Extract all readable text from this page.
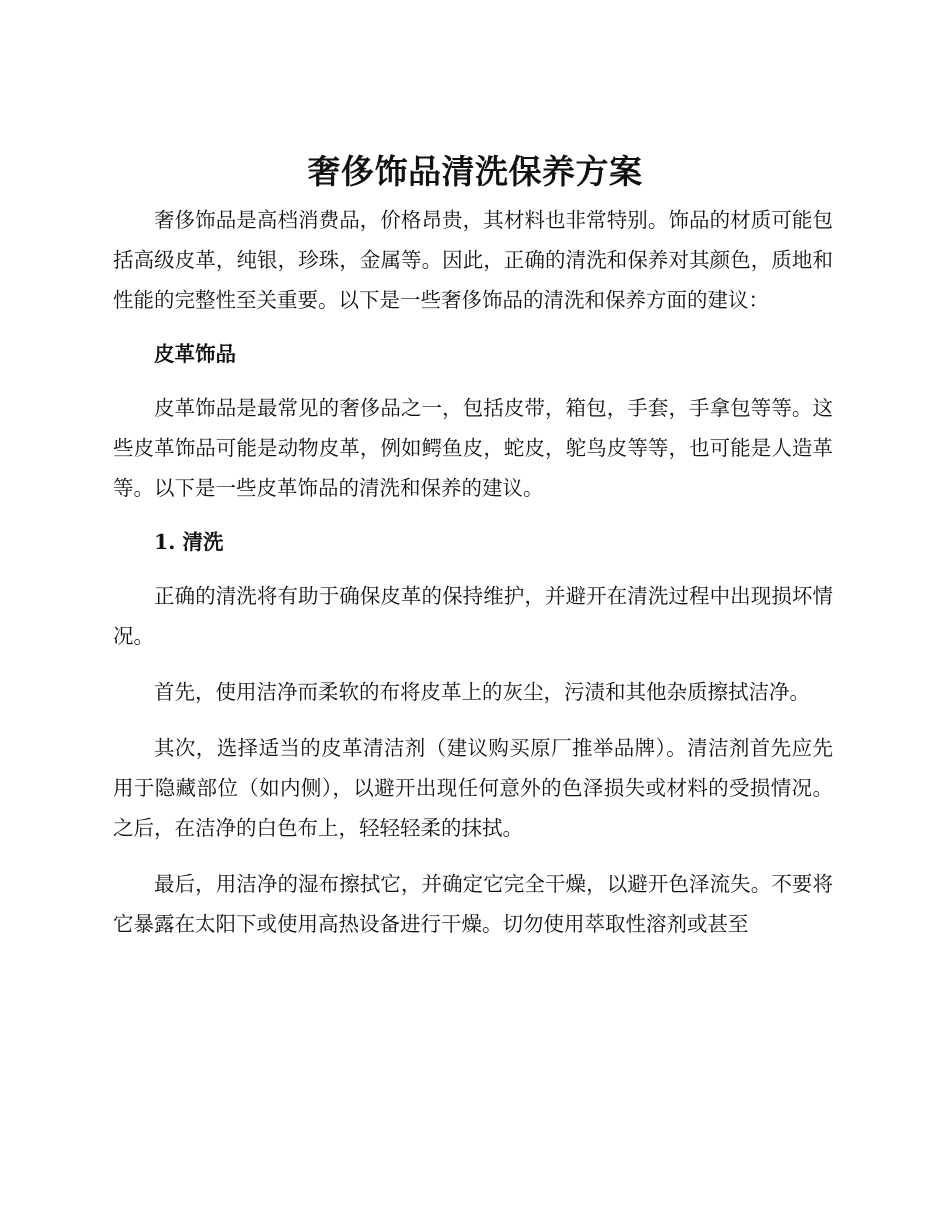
奢侈饰品清洗保养方案

奢侈饰品是高档消费品，价格昂贵，其材料也非常特别。饰品的材质可能包括高级皮革，纯银，珍珠，金属等。因此，正确的清洗和保养对其颜色，质地和性能的完整性至关重要。以下是一些奢侈饰品的清洗和保养方面的建议：

皮革饰品

皮革饰品是最常见的奢侈品之一，包括皮带，箱包，手套，手拿包等等。这些皮革饰品可能是动物皮革，例如鳄鱼皮，蛇皮，鸵鸟皮等等，也可能是人造革等。以下是一些皮革饰品的清洗和保养的建议。

1. 清洗

正确的清洗将有助于确保皮革的保持维护，并避开在清洗过程中出现损坏情况。

首先，使用洁净而柔软的布将皮革上的灰尘，污渍和其他杂质擦拭洁净。

其次，选择适当的皮革清洁剂（建议购买原厂推举品牌）。清洁剂首先应先用于隐藏部位（如内侧），以避开出现任何意外的色泽损失或材料的受损情况。之后，在洁净的白色布上，轻轻轻柔的抹拭。

最后，用洁净的湿布擦拭它，并确定它完全干燥，以避开色泽流失。不要将它暴露在太阳下或使用高热设备进行干燥。切勿使用萃取性溶剂或甚至
